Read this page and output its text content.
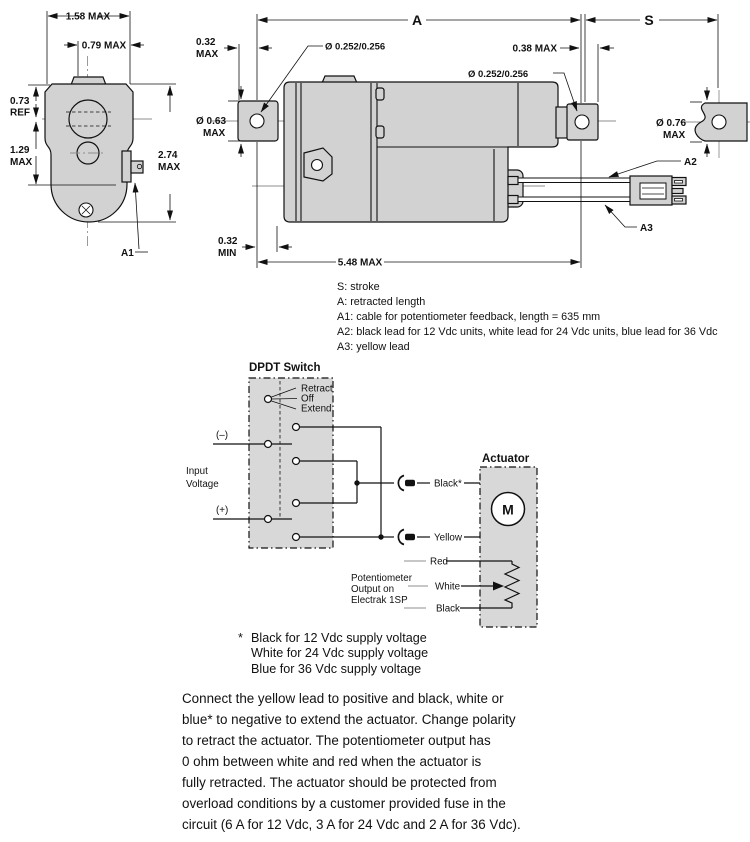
1.58 MAX
0.79 MAX
0.73
REF
1.29
MAX
2.74
MAX
A1
A	S
0.32
MAX
Ø 0.252/0.256
Ø 0.252/0.256
0.38 MAX
Ø 0.63
MAX
Ø 0.76
MAX
0.32
MIN
5.48 MAX
A2
A3
DPDT Switch
Retract
Off
Extend
(–)
(+)
Input
Voltage	Black*
Yellow
Actuator
M
Red
White
Black
Potentiometer
Output on
Electrak 1SP
S: stroke
A: retracted length
A1: cable for potentiometer feedback, length = 635 mm
A2: black lead for 12 Vdc units, white lead for 24 Vdc units, blue lead for 36 Vdc
A3: yellow lead
* Black for 12 Vdc supply voltage
White for 24 Vdc supply voltage
Blue for 36 Vdc supply voltage
Connect the yellow lead to positive and black, white or
blue* to negative to extend the actuator. Change polarity
to retract the actuator. The potentiometer output has
0 ohm between white and red when the actuator is
fully retracted. The actuator should be protected from
overload conditions by a customer provided fuse in the
circuit (6 A for 12 Vdc, 3 A for 24 Vdc and 2 A for 36 Vdc).
